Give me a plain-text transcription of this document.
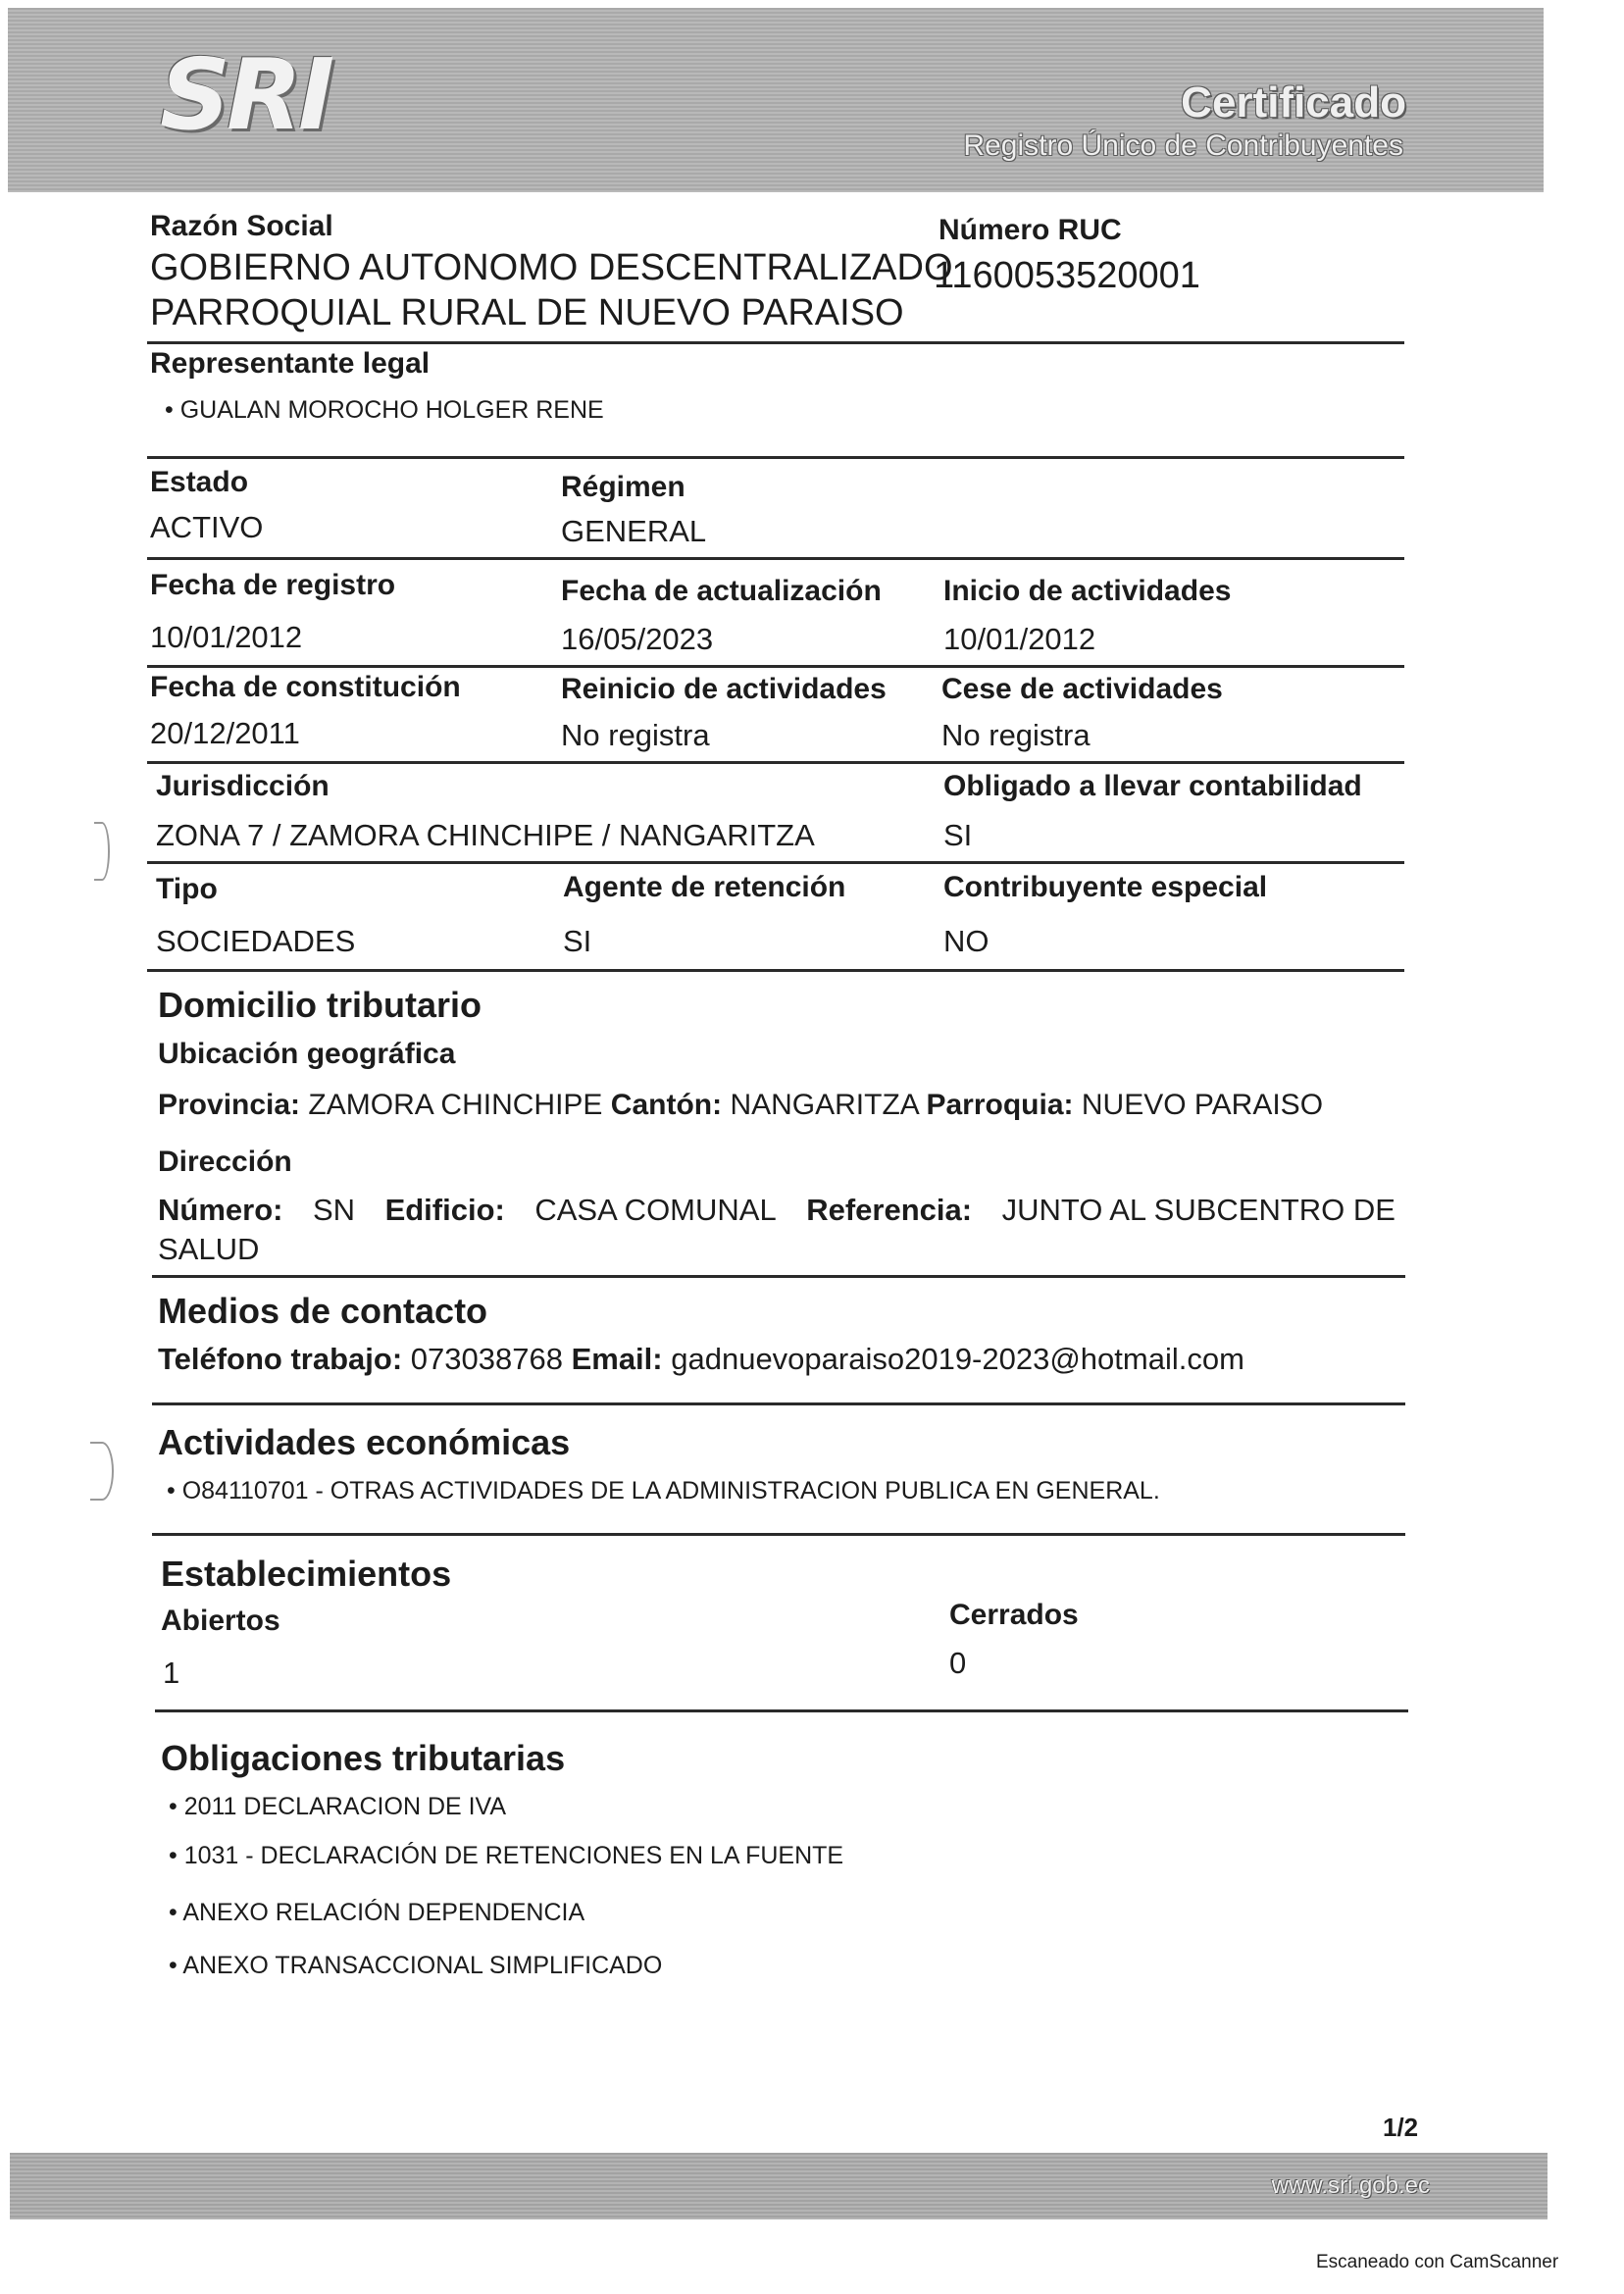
SRI	Certificado
Registro Único de Contribuyentes
Razón Social
GOBIERNO AUTONOMO DESCENTRALIZADO
PARROQUIAL RURAL DE NUEVO PARAISO
Número RUC
1160053520001
Representante legal
• GUALAN MOROCHO HOLGER RENE
Estado
ACTIVO
Régimen
GENERAL
Fecha de registro
10/01/2012
Fecha de actualización
16/05/2023
Inicio de actividades
10/01/2012
Fecha de constitución
20/12/2011
Reinicio de actividades
No registra
Cese de actividades
No registra
Jurisdicción
ZONA 7 / ZAMORA CHINCHIPE / NANGARITZA
Obligado a llevar contabilidad
SI
Tipo
SOCIEDADES
Agente de retención
SI
Contribuyente especial
NO
Domicilio tributario
Ubicación geográfica
Provincia: ZAMORA CHINCHIPE Cantón: NANGARITZA Parroquia: NUEVO PARAISO
Dirección
Número: SN Edificio: CASA COMUNAL Referencia: JUNTO AL SUBCENTRO DE
SALUD
Medios de contacto
Teléfono trabajo: 073038768 Email: gadnuevoparaiso2019-2023@hotmail.com
Actividades económicas
• O84110701 - OTRAS ACTIVIDADES DE LA ADMINISTRACION PUBLICA EN GENERAL.
Establecimientos
Abiertos
1
Cerrados
0
Obligaciones tributarias
• 2011 DECLARACION DE IVA
• 1031 - DECLARACIÓN DE RETENCIONES EN LA FUENTE
• ANEXO RELACIÓN DEPENDENCIA
• ANEXO TRANSACCIONAL SIMPLIFICADO
1/2
www.sri.gob.ec
Escaneado con CamScanner
